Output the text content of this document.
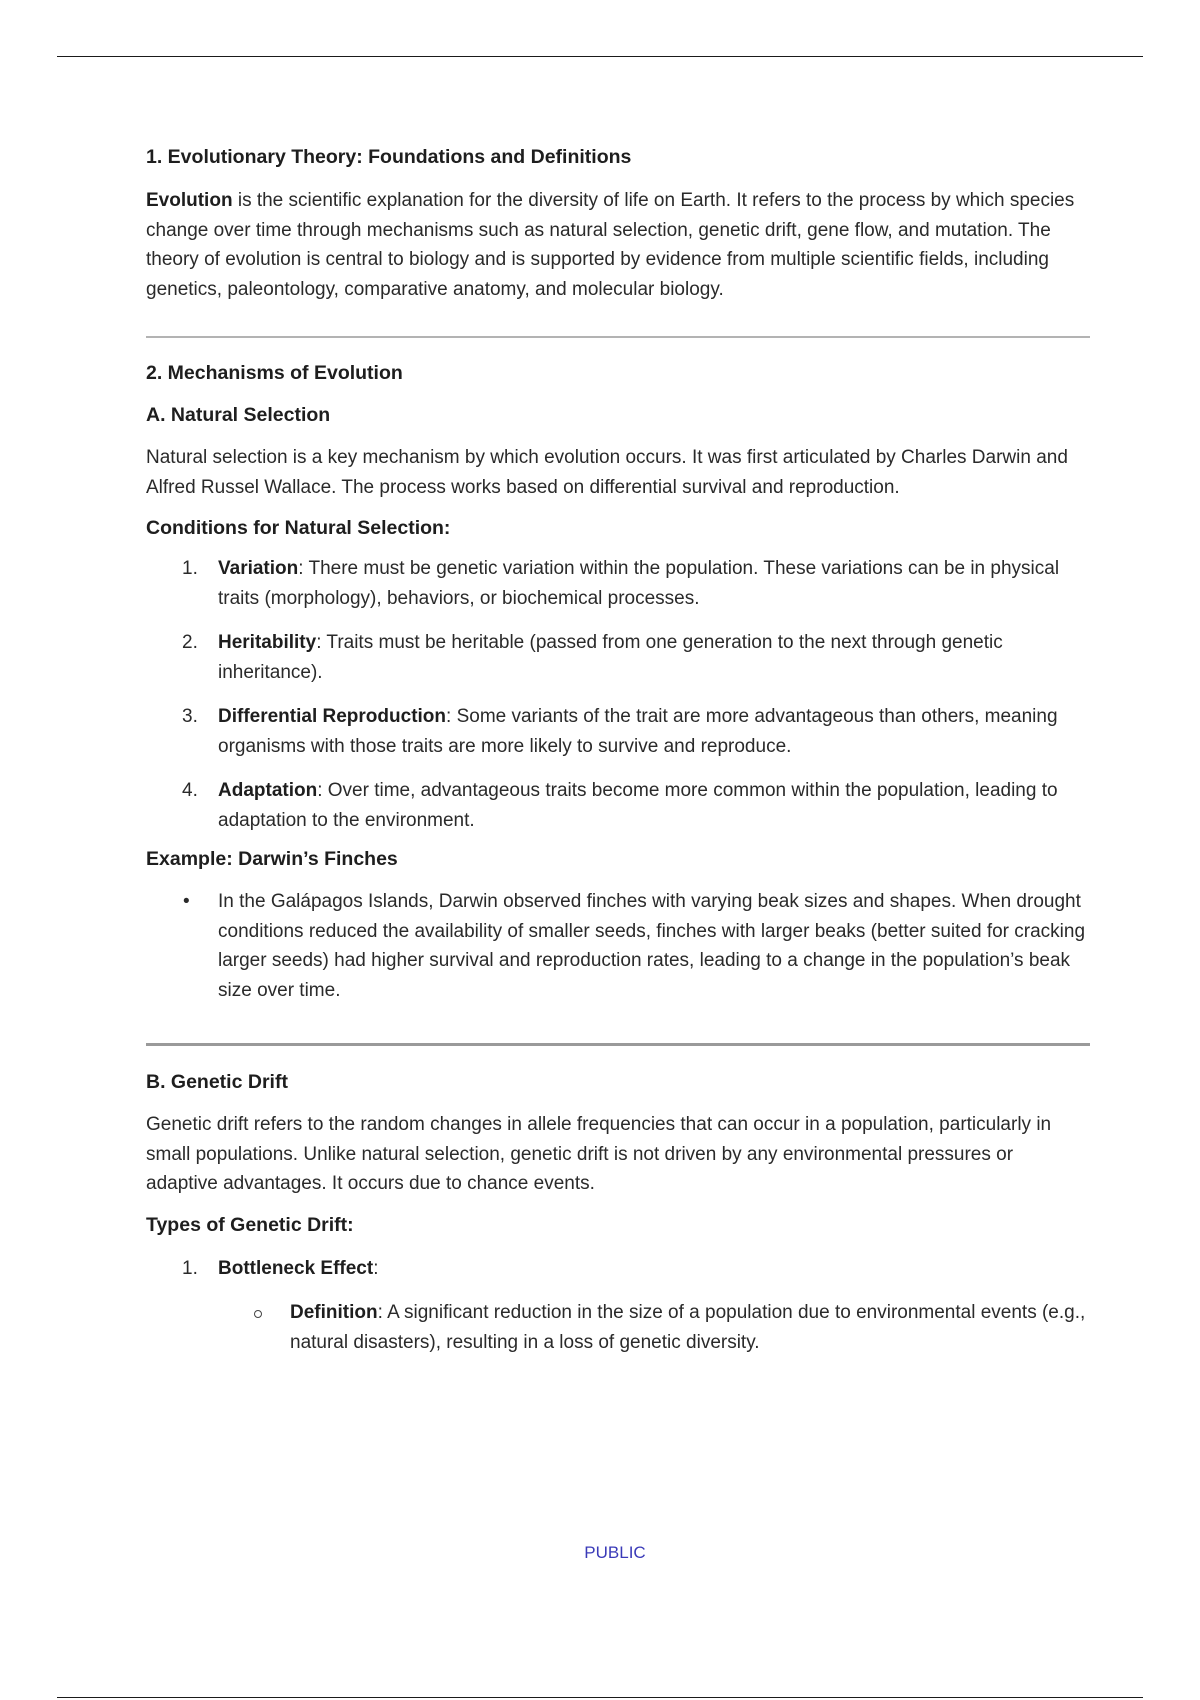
1. Evolutionary Theory: Foundations and Definitions

Evolution is the scientific explanation for the diversity of life on Earth. It refers to the process by which species change over time through mechanisms such as natural selection, genetic drift, gene flow, and mutation. The theory of evolution is central to biology and is supported by evidence from multiple scientific fields, including genetics, paleontology, comparative anatomy, and molecular biology.

2. Mechanisms of Evolution

A. Natural Selection

Natural selection is a key mechanism by which evolution occurs. It was first articulated by Charles Darwin and Alfred Russel Wallace. The process works based on differential survival and reproduction.

Conditions for Natural Selection:

1. Variation: There must be genetic variation within the population. These variations can be in physical traits (morphology), behaviors, or biochemical processes.
2. Heritability: Traits must be heritable (passed from one generation to the next through genetic inheritance).
3. Differential Reproduction: Some variants of the trait are more advantageous than others, meaning organisms with those traits are more likely to survive and reproduce.
4. Adaptation: Over time, advantageous traits become more common within the population, leading to adaptation to the environment.

Example: Darwin’s Finches

• In the Galápagos Islands, Darwin observed finches with varying beak sizes and shapes. When drought conditions reduced the availability of smaller seeds, finches with larger beaks (better suited for cracking larger seeds) had higher survival and reproduction rates, leading to a change in the population’s beak size over time.

B. Genetic Drift

Genetic drift refers to the random changes in allele frequencies that can occur in a population, particularly in small populations. Unlike natural selection, genetic drift is not driven by any environmental pressures or adaptive advantages. It occurs due to chance events.

Types of Genetic Drift:

1. Bottleneck Effect:
Definition: A significant reduction in the size of a population due to environmental events (e.g., natural disasters), resulting in a loss of genetic diversity.
PUBLIC
